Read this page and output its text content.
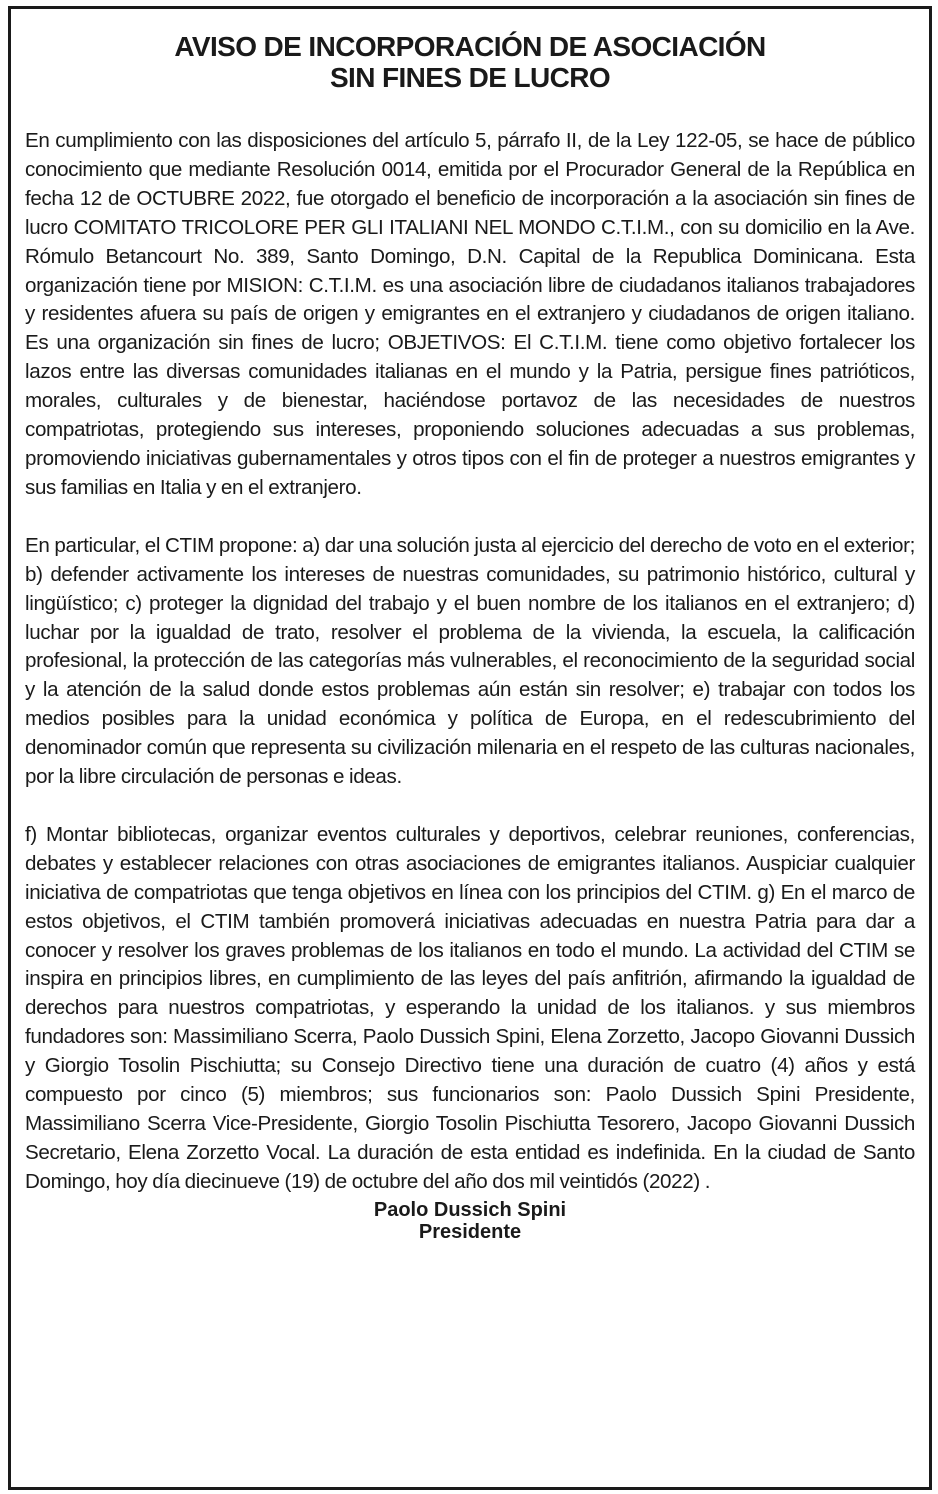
AVISO DE INCORPORACIÓN DE ASOCIACIÓN
SIN FINES DE LUCRO

En cumplimiento con las disposiciones del artículo 5, párrafo II, de la Ley 122-05, se hace de público conocimiento que mediante Resolución 0014, emitida por el Procurador General de la República en fecha 12 de OCTUBRE 2022, fue otorgado el beneficio de incorporación a la asociación sin fines de lucro COMITATO TRICOLORE PER GLI ITALIANI NEL MONDO C.T.I.M., con su domicilio en la Ave. Rómulo Betancourt No. 389, Santo Domingo, D.N. Capital de la Republica Dominicana. Esta organización tiene por MISION: C.T.I.M. es una asociación libre de ciudadanos italianos trabajadores y residentes afuera su país de origen y emigrantes en el extranjero y ciudadanos de origen italiano. Es una organización sin fines de lucro; OBJETIVOS: El C.T.I.M. tiene como objetivo fortalecer los lazos entre las diversas comunidades italianas en el mundo y la Patria, persigue fines patrióticos, morales, culturales y de bienestar, haciéndose portavoz de las necesidades de nuestros compatriotas, protegiendo sus intereses, proponiendo soluciones adecuadas a sus problemas, promoviendo iniciativas gubernamentales y otros tipos con el fin de proteger a nuestros emigrantes y sus familias en Italia y en el extranjero.

En particular, el CTIM propone: a) dar una solución justa al ejercicio del derecho de voto en el exterior; b) defender activamente los intereses de nuestras comunidades, su patrimonio histórico, cultural y lingüístico; c) proteger la dignidad del trabajo y el buen nombre de los italianos en el extranjero; d) luchar por la igualdad de trato, resolver el problema de la vivienda, la escuela, la calificación profesional, la protección de las categorías más vulnerables, el reconocimiento de la seguridad social y la atención de la salud donde estos problemas aún están sin resolver; e) trabajar con todos los medios posibles para la unidad económica y política de Europa, en el redescubrimiento del denominador común que representa su civilización milenaria en el respeto de las culturas nacionales, por la libre circulación de personas e ideas.

f) Montar bibliotecas, organizar eventos culturales y deportivos, celebrar reuniones, conferencias, debates y establecer relaciones con otras asociaciones de emigrantes italianos. Auspiciar cualquier iniciativa de compatriotas que tenga objetivos en línea con los principios del CTIM. g) En el marco de estos objetivos, el CTIM también promoverá iniciativas adecuadas en nuestra Patria para dar a conocer y resolver los graves problemas de los italianos en todo el mundo. La actividad del CTIM se inspira en principios libres, en cumplimiento de las leyes del país anfitrión, afirmando la igualdad de derechos para nuestros compatriotas, y esperando la unidad de los italianos. y sus miembros fundadores son: Massimiliano Scerra, Paolo Dussich Spini, Elena Zorzetto, Jacopo Giovanni Dussich y Giorgio Tosolin Pischiutta; su Consejo Directivo tiene una duración de cuatro (4) años y está compuesto por cinco (5) miembros; sus funcionarios son: Paolo Dussich Spini Presidente, Massimiliano Scerra Vice-Presidente, Giorgio Tosolin Pischiutta Tesorero, Jacopo Giovanni Dussich Secretario, Elena Zorzetto Vocal. La duración de esta entidad es indefinida. En la ciudad de Santo Domingo, hoy día diecinueve (19) de octubre del año dos mil veintidós (2022) .

Paolo Dussich Spini
Presidente
